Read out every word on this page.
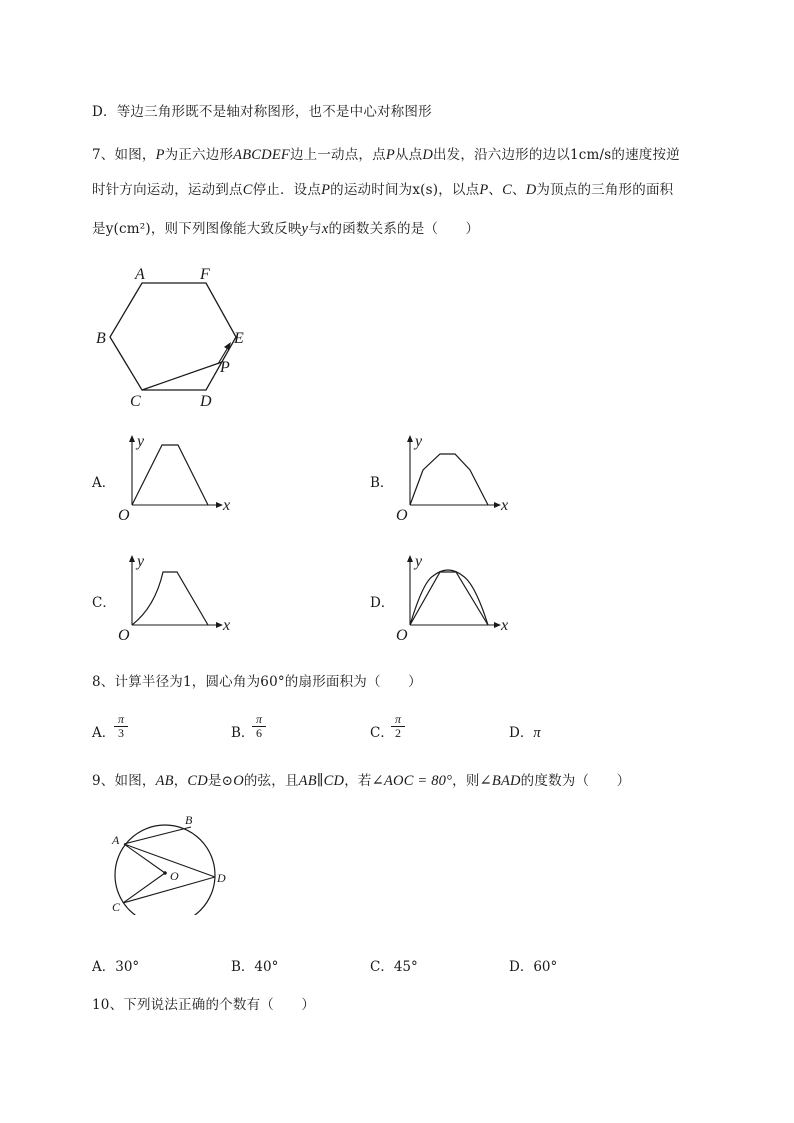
D．等边三角形既不是轴对称图形，也不是中心对称图形
7、如图，P为正六边形ABCDEF边上一动点，点P从点D出发，沿六边形的边以1cm/s的速度按逆
时针方向运动，运动到点C停止．设点P的运动时间为x(s)，以点P、C、D为顶点的三角形的面积
是y(cm²)，则下列图像能大致反映y与x的函数关系的是（　　）
A	F
B	E
P
C	D
A．	B．
C．	D．
y
x
O
y
x
O
y
x
O
y
x
O
8、计算半径为1，圆心角为60°的扇形面积为（　　）
A．
$\frac{\pi}{3}$	B．
$\frac{\pi}{6}$	C．
$\frac{\pi}{2}$	D．π
9、如图，AB，CD是⊙O的弦，且AB∥CD，若∠AOC = 80°，则∠BAD的度数为（　　）
A
B
O	D
C
A．30°	B．40°	C．45°	D．60°
10、下列说法正确的个数有（　　）
